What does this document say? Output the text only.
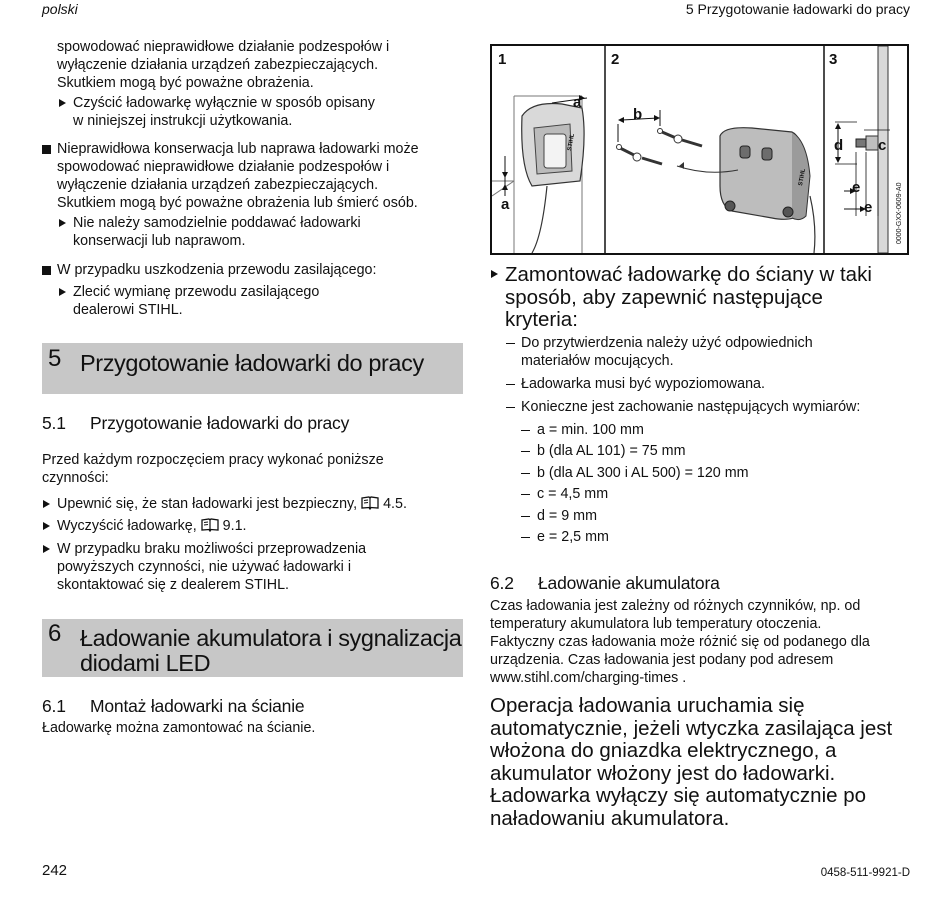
polski	5 Przygotowanie ładowarki do pracy
spowodować nieprawidłowe działanie podzespołów i
wyłączenie działania urządzeń zabezpieczających.
Skutkiem mogą być poważne obrażenia.
Czyścić ładowarkę wyłącznie w sposób opisany
w niniejszej instrukcji użytkowania.
Nieprawidłowa konserwacja lub naprawa ładowarki może
spowodować nieprawidłowe działanie podzespołów i
wyłączenie działania urządzeń zabezpieczających.
Skutkiem mogą być poważne obrażenia lub śmierć osób.
Nie należy samodzielnie poddawać ładowarki
konserwacji lub naprawom.
W przypadku uszkodzenia przewodu zasilającego:
Zlecić wymianę przewodu zasilającego
dealerowi STIHL.
5 Przygotowanie ładowarki do pracy
5.1 Przygotowanie ładowarki do pracy
Przed każdym rozpoczęciem pracy wykonać poniższe
czynności:
Upewnić się, że stan ładowarki jest bezpieczny, 4.5.
Wyczyścić ładowarkę, 9.1.
W przypadku braku możliwości przeprowadzenia
powyższych czynności, nie używać ładowarki i
skontaktować się z dealerem STIHL.
6 Ładowanie akumulatora i sygnalizacja
diodami LED
6.1 Montaż ładowarki na ścianie
Ładowarkę można zamontować na ścianie.
STIHL
a
a
1	2	3
b
STIHL
d c
e
e	0000-GXX-0609-A0
Zamontować ładowarkę do ściany w taki
sposób, aby zapewnić następujące
kryteria:
Do przytwierdzenia należy użyć odpowiednich
materiałów mocujących.
Ładowarka musi być wypoziomowana.
Konieczne jest zachowanie następujących wymiarów:
a = min. 100 mm
b (dla AL 101) = 75 mm
b (dla AL 300 i AL 500) = 120 mm
c = 4,5 mm
d = 9 mm
e = 2,5 mm
6.2 Ładowanie akumulatora
Czas ładowania jest zależny od różnych czynników, np. od
temperatury akumulatora lub temperatury otoczenia.
Faktyczny czas ładowania może różnić się od podanego dla
urządzenia. Czas ładowania jest podany pod adresem
www.stihl.com/charging-times .
Operacja ładowania uruchamia się
automatycznie, jeżeli wtyczka zasilająca jest
włożona do gniazdka elektrycznego, a
akumulator włożony jest do ładowarki.
Ładowarka wyłączy się automatycznie po
naładowaniu akumulatora.
242	0458-511-9921-D
